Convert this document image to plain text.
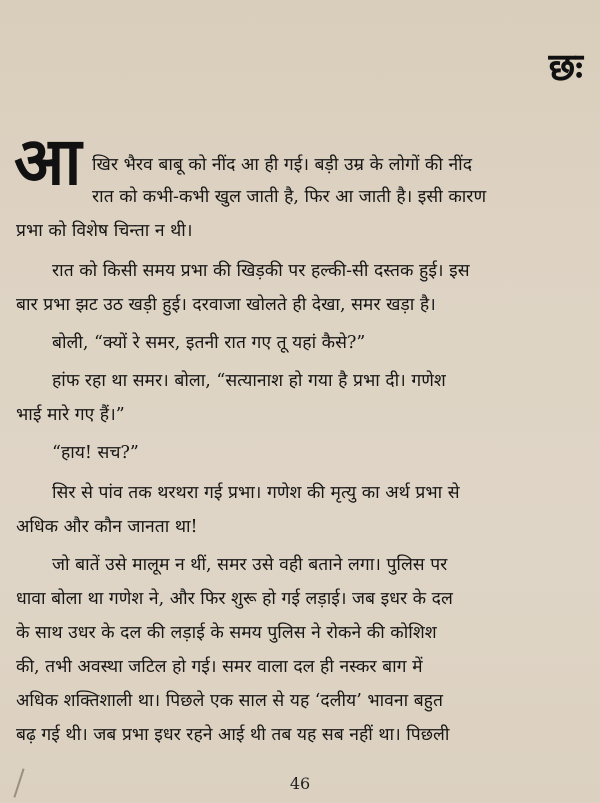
छः
आ खिर भैरव बाबू को नींद आ ही गई। बड़ी उम्र के लोगों की नींद
रात को कभी-कभी खुल जाती है, फिर आ जाती है। इसी कारण
प्रभा को विशेष चिन्ता न थी।
रात को किसी समय प्रभा की खिड़की पर हल्की-सी दस्तक हुई। इस
बार प्रभा झट उठ खड़ी हुई। दरवाजा खोलते ही देखा, समर खड़ा है।
बोली, “क्यों रे समर, इतनी रात गए तू यहां कैसे?”
हांफ रहा था समर। बोला, “सत्यानाश हो गया है प्रभा दी। गणेश
भाई मारे गए हैं।”
“हाय! सच?”
सिर से पांव तक थरथरा गई प्रभा। गणेश की मृत्यु का अर्थ प्रभा से
अधिक और कौन जानता था!
जो बातें उसे मालूम न थीं, समर उसे वही बताने लगा। पुलिस पर
धावा बोला था गणेश ने, और फिर शुरू हो गई लड़ाई। जब इधर के दल
के साथ उधर के दल की लड़ाई के समय पुलिस ने रोकने की कोशिश
की, तभी अवस्था जटिल हो गई। समर वाला दल ही नस्कर बाग में
अधिक शक्तिशाली था। पिछले एक साल से यह ‘दलीय’ भावना बहुत
बढ़ गई थी। जब प्रभा इधर रहने आई थी तब यह सब नहीं था। पिछली
46
